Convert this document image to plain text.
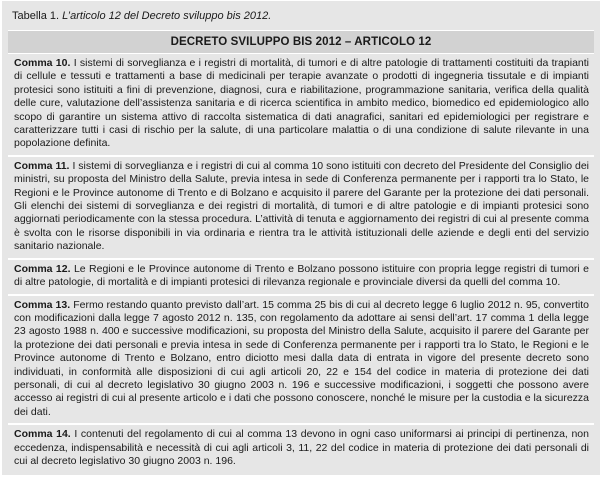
Tabella 1. L’articolo 12 del Decreto sviluppo bis 2012.
DECRETO SVILUPPO BIS 2012 – ARTICOLO 12
Comma 10. I sistemi di sorveglianza e i registri di mortalità, di tumori e di altre patologie di trattamenti costituiti da trapianti di cellule e tessuti e trattamenti a base di medicinali per terapie avanzate o prodotti di ingegneria tissutale e di impianti protesici sono istituiti a fini di prevenzione, diagnosi, cura e riabilitazione, programmazione sanitaria, verifica della qualità delle cure, valutazione dell’assistenza sanitaria e di ricerca scientifica in ambito medico, biomedico ed epidemiologico allo scopo di garantire un sistema attivo di raccolta sistematica di dati anagrafici, sanitari ed epidemiologici per registrare e caratterizzare tutti i casi di rischio per la salute, di una particolare malattia o di una condizione di salute rilevante in una popolazione definita.
Comma 11. I sistemi di sorveglianza e i registri di cui al comma 10 sono istituiti con decreto del Presidente del Consiglio dei ministri, su proposta del Ministro della Salute, previa intesa in sede di Conferenza permanente per i rapporti tra lo Stato, le Regioni e le Province autonome di Trento e di Bolzano e acquisito il parere del Garante per la protezione dei dati personali. Gli elenchi dei sistemi di sorveglianza e dei registri di mortalità, di tumori e di altre patologie e di impianti protesici sono aggiornati periodicamente con la stessa procedura. L’attività di tenuta e aggiornamento dei registri di cui al presente comma è svolta con le risorse disponibili in via ordinaria e rientra tra le attività istituzionali delle aziende e degli enti del servizio sanitario nazionale.
Comma 12. Le Regioni e le Province autonome di Trento e Bolzano possono istituire con propria legge registri di tumori e di altre patologie, di mortalità e di impianti protesici di rilevanza regionale e provinciale diversi da quelli del comma 10.
Comma 13. Fermo restando quanto previsto dall’art. 15 comma 25 bis di cui al decreto legge 6 luglio 2012 n. 95, convertito con modificazioni dalla legge 7 agosto 2012 n. 135, con regolamento da adottare ai sensi dell’art. 17 comma 1 della legge 23 agosto 1988 n. 400 e successive modificazioni, su proposta del Ministro della Salute, acquisito il parere del Garante per la protezione dei dati personali e previa intesa in sede di Conferenza permanente per i rapporti tra lo Stato, le Regioni e le Province autonome di Trento e Bolzano, entro diciotto mesi dalla data di entrata in vigore del presente decreto sono individuati, in conformità alle disposizioni di cui agli articoli 20, 22 e 154 del codice in materia di protezione dei dati personali, di cui al decreto legislativo 30 giugno 2003 n. 196 e successive modificazioni, i soggetti che possono avere accesso ai registri di cui al presente articolo e i dati che possono conoscere, nonché le misure per la custodia e la sicurezza dei dati.
Comma 14. I contenuti del regolamento di cui al comma 13 devono in ogni caso uniformarsi ai principi di pertinenza, non eccedenza, indispensabilità e necessità di cui agli articoli 3, 11, 22 del codice in materia di protezione dei dati personali di cui al decreto legislativo 30 giugno 2003 n. 196.
